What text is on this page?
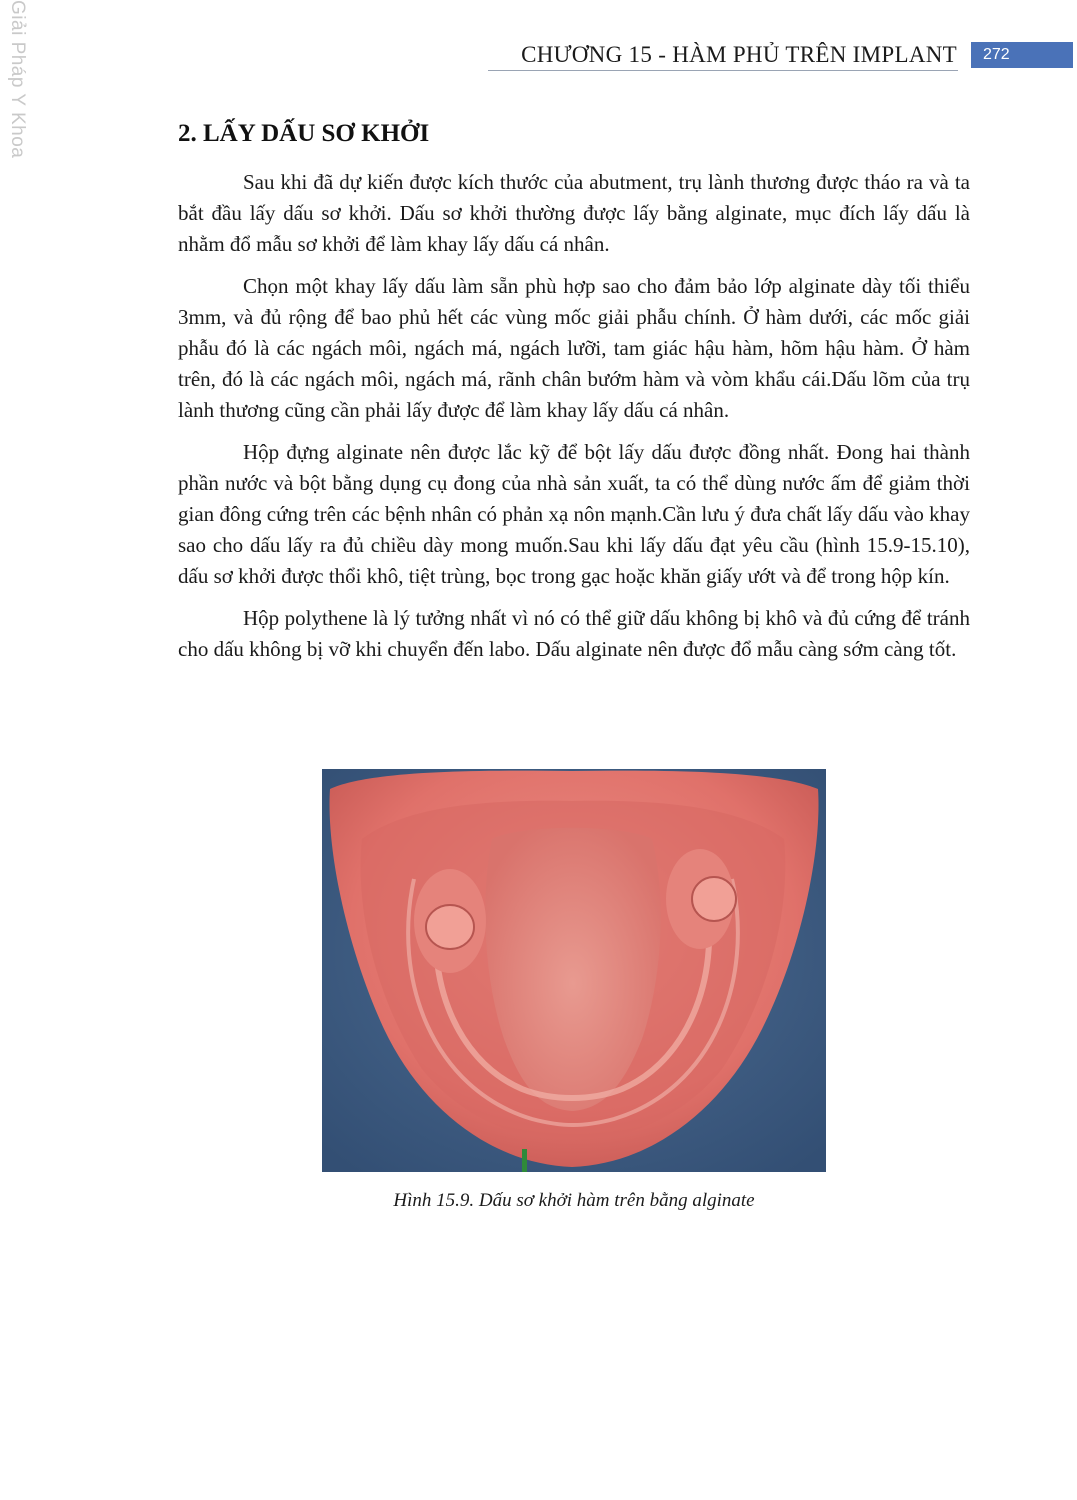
Giải Pháp Y Khoa	CHƯƠNG 15 - HÀM PHỦ TRÊN IMPLANT	272
2. LẤY DẤU SƠ KHỞI

Sau khi đã dự kiến được kích thước của abutment, trụ lành thương được tháo ra và ta bắt đầu lấy dấu sơ khởi. Dấu sơ khởi thường được lấy bằng alginate, mục đích lấy dấu là nhằm đổ mẫu sơ khởi để làm khay lấy dấu cá nhân.

Chọn một khay lấy dấu làm sẵn phù hợp sao cho đảm bảo lớp alginate dày tối thiểu 3mm, và đủ rộng để bao phủ hết các vùng mốc giải phẫu chính. Ở hàm dưới, các mốc giải phẫu đó là các ngách môi, ngách má, ngách lưỡi, tam giác hậu hàm, hõm hậu hàm. Ở hàm trên, đó là các ngách môi, ngách má, rãnh chân bướm hàm và vòm khẩu cái.Dấu lõm của trụ lành thương cũng cần phải lấy được để làm khay lấy dấu cá nhân.

Hộp đựng alginate nên được lắc kỹ để bột lấy dấu được đồng nhất. Đong hai thành phần nước và bột bằng dụng cụ đong của nhà sản xuất, ta có thể dùng nước ấm để giảm thời gian đông cứng trên các bệnh nhân có phản xạ nôn mạnh.Cần lưu ý đưa chất lấy dấu vào khay sao cho dấu lấy ra đủ chiều dày mong muốn.Sau khi lấy dấu đạt yêu cầu (hình 15.9-15.10), dấu sơ khởi được thổi khô, tiệt trùng, bọc trong gạc hoặc khăn giấy ướt và để trong hộp kín.

Hộp polythene là lý tưởng nhất vì nó có thể giữ dấu không bị khô và đủ cứng để tránh cho dấu không bị vỡ khi chuyển đến labo. Dấu alginate nên được đổ mẫu càng sớm càng tốt.

Hình 15.9. Dấu sơ khởi hàm trên bằng alginate
